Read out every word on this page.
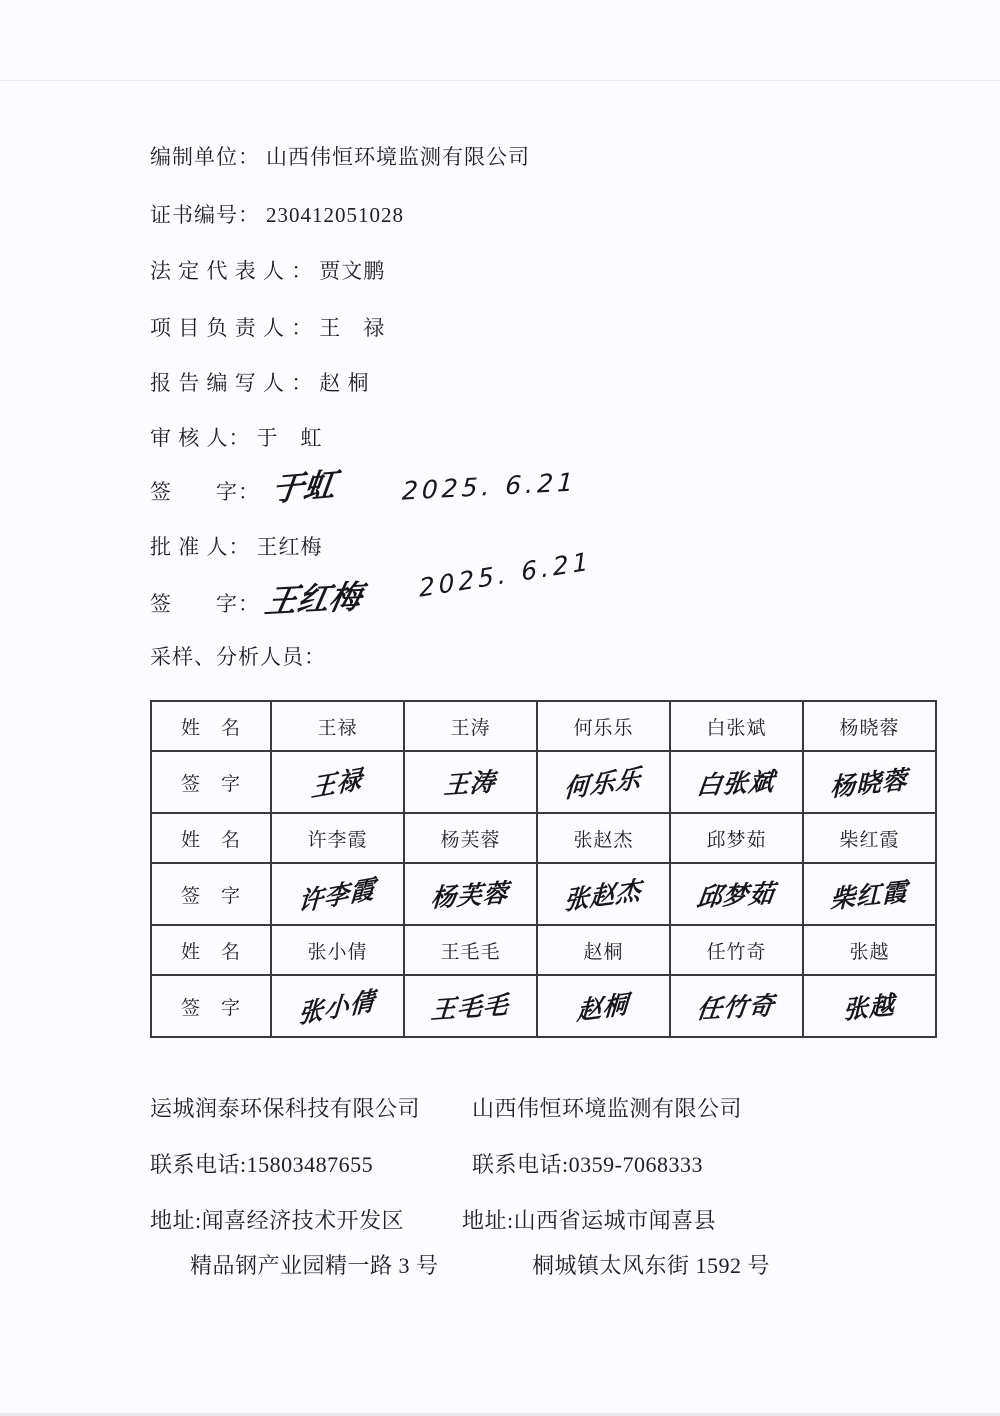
编制单位： 山西伟恒环境监测有限公司
证书编号： 230412051028
法 定 代 表 人 ： 贾文鹏
项 目 负 责 人 ： 王　禄
报 告 编 写 人 ： 赵 桐
审 核 人： 于　虹
签　　字： 于虹	2025. 6.21
批 准 人： 王红梅
签　　字： 王红梅 2025. 6.21
采样、分析人员：
姓　名	王禄	王涛	何乐乐	白张斌	杨晓蓉
签　字	王禄	王涛	何乐乐	白张斌	杨晓蓉
姓　名	许李霞	杨芙蓉	张赵杰	邱梦茹	柴红霞
签　字	许李霞	杨芙蓉	张赵杰	邱梦茹	柴红霞
姓　名	张小倩	王毛毛	赵桐	任竹奇	张越
签　字	张小倩	王毛毛	赵桐	任竹奇	张越
运城润泰环保科技有限公司 山西伟恒环境监测有限公司
联系电话:15803487655	联系电话:0359-7068333
地址:闻喜经济技术开发区	地址:山西省运城市闻喜县
精品钢产业园精一路 3 号	桐城镇太风东街 1592 号
